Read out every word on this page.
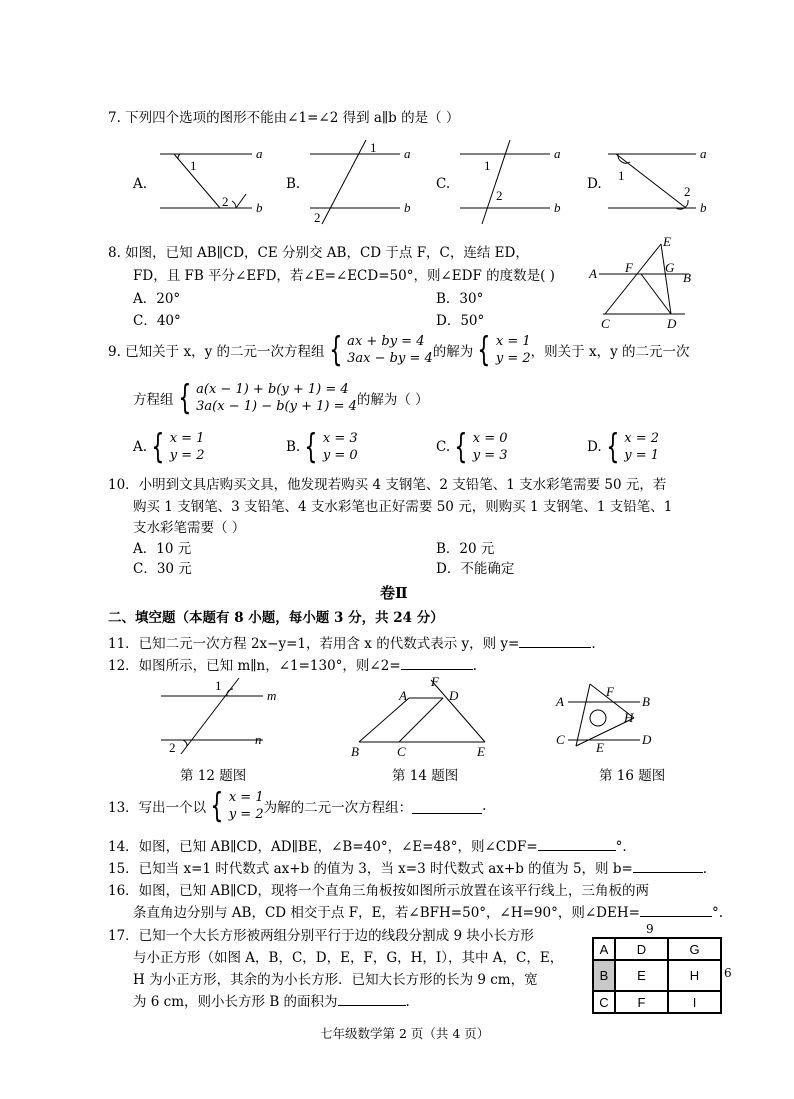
7. 下列四个选项的图形不能由∠1=∠2 得到 a∥b 的是（ ）
A.	B.	C.	D.
1
2
a
b
1
2
a
b
1
2
a
b
1
2
a
b
8. 如图，已知 AB∥CD，CE 分别交 AB，CD 于点 F，C，连结 ED，
FD，且 FB 平分∠EFD，若∠E=∠ECD=50°，则∠EDF 的度数是( )
A．20°	B．30°
C．40°	D．50°
E
G
A F
B
C	D
9. 已知关于 x，y 的二元一次方程组 { ax + by = 4
3ax − by = 4 的解为 { x = 1
y = 2 ，则关于 x，y 的二元一次
方程组 { a(x − 1) + b(y + 1) = 4
3a(x − 1) − b(y + 1) = 4 的解为（ ）
A. { x = 1
y = 2
B. { x = 3
y = 0
C. { x = 0
y = 3
D. { x = 2
y = 1
10．小明到文具店购买文具，他发现若购买 4 支钢笔、2 支铅笔、1 支水彩笔需要 50 元，若
购买 1 支钢笔、3 支铅笔、4 支水彩笔也正好需要 50 元，则购买 1 支钢笔、1 支铅笔、1
支水彩笔需要（ ）
A．10 元	B．20 元
C．30 元	D．不能确定
卷Ⅱ
二、填空题（本题有 8 小题，每小题 3 分，共 24 分）
11．已知二元一次方程 2x−y=1，若用含 x 的代数式表示 y，则 y=	.
12．如图所示，已知 m∥n，∠1=130°，则∠2=	.
1
2
m
n
第 12 题图
A
F
D
B	C	E
第 14 题图
A
F
B
H
C
E
D
第 16 题图
13．写出一个以 { x = 1
y = 2 为解的二元一次方程组：	.
14．如图，已知 AB∥CD，AD∥BE，∠B=40°，∠E=48°，则∠CDF=	°.
15．已知当 x=1 时代数式 ax+b 的值为 3，当 x=3 时代数式 ax+b 的值为 5，则 b=	.
16．如图，已知 AB∥CD，现将一个直角三角板按如图所示放置在该平行线上，三角板的两
条直角边分别与 AB，CD 相交于点 F，E，若∠BFH=50°，∠H=90°，则∠DEH=	°.
17．已知一个大长方形被两组分别平行于边的线段分割成 9 块小长方形
与小正方形（如图 A，B，C，D，E，F，G，H，I），其中 A，C，E，
H 为小正方形，其余的为小长方形．已知大长方形的长为 9 cm，宽
为 6 cm，则小长方形 B 的面积为	.
9
6
A	D	G
B	E	H
C	F	I
七年级数学第 2 页（共 4 页）
